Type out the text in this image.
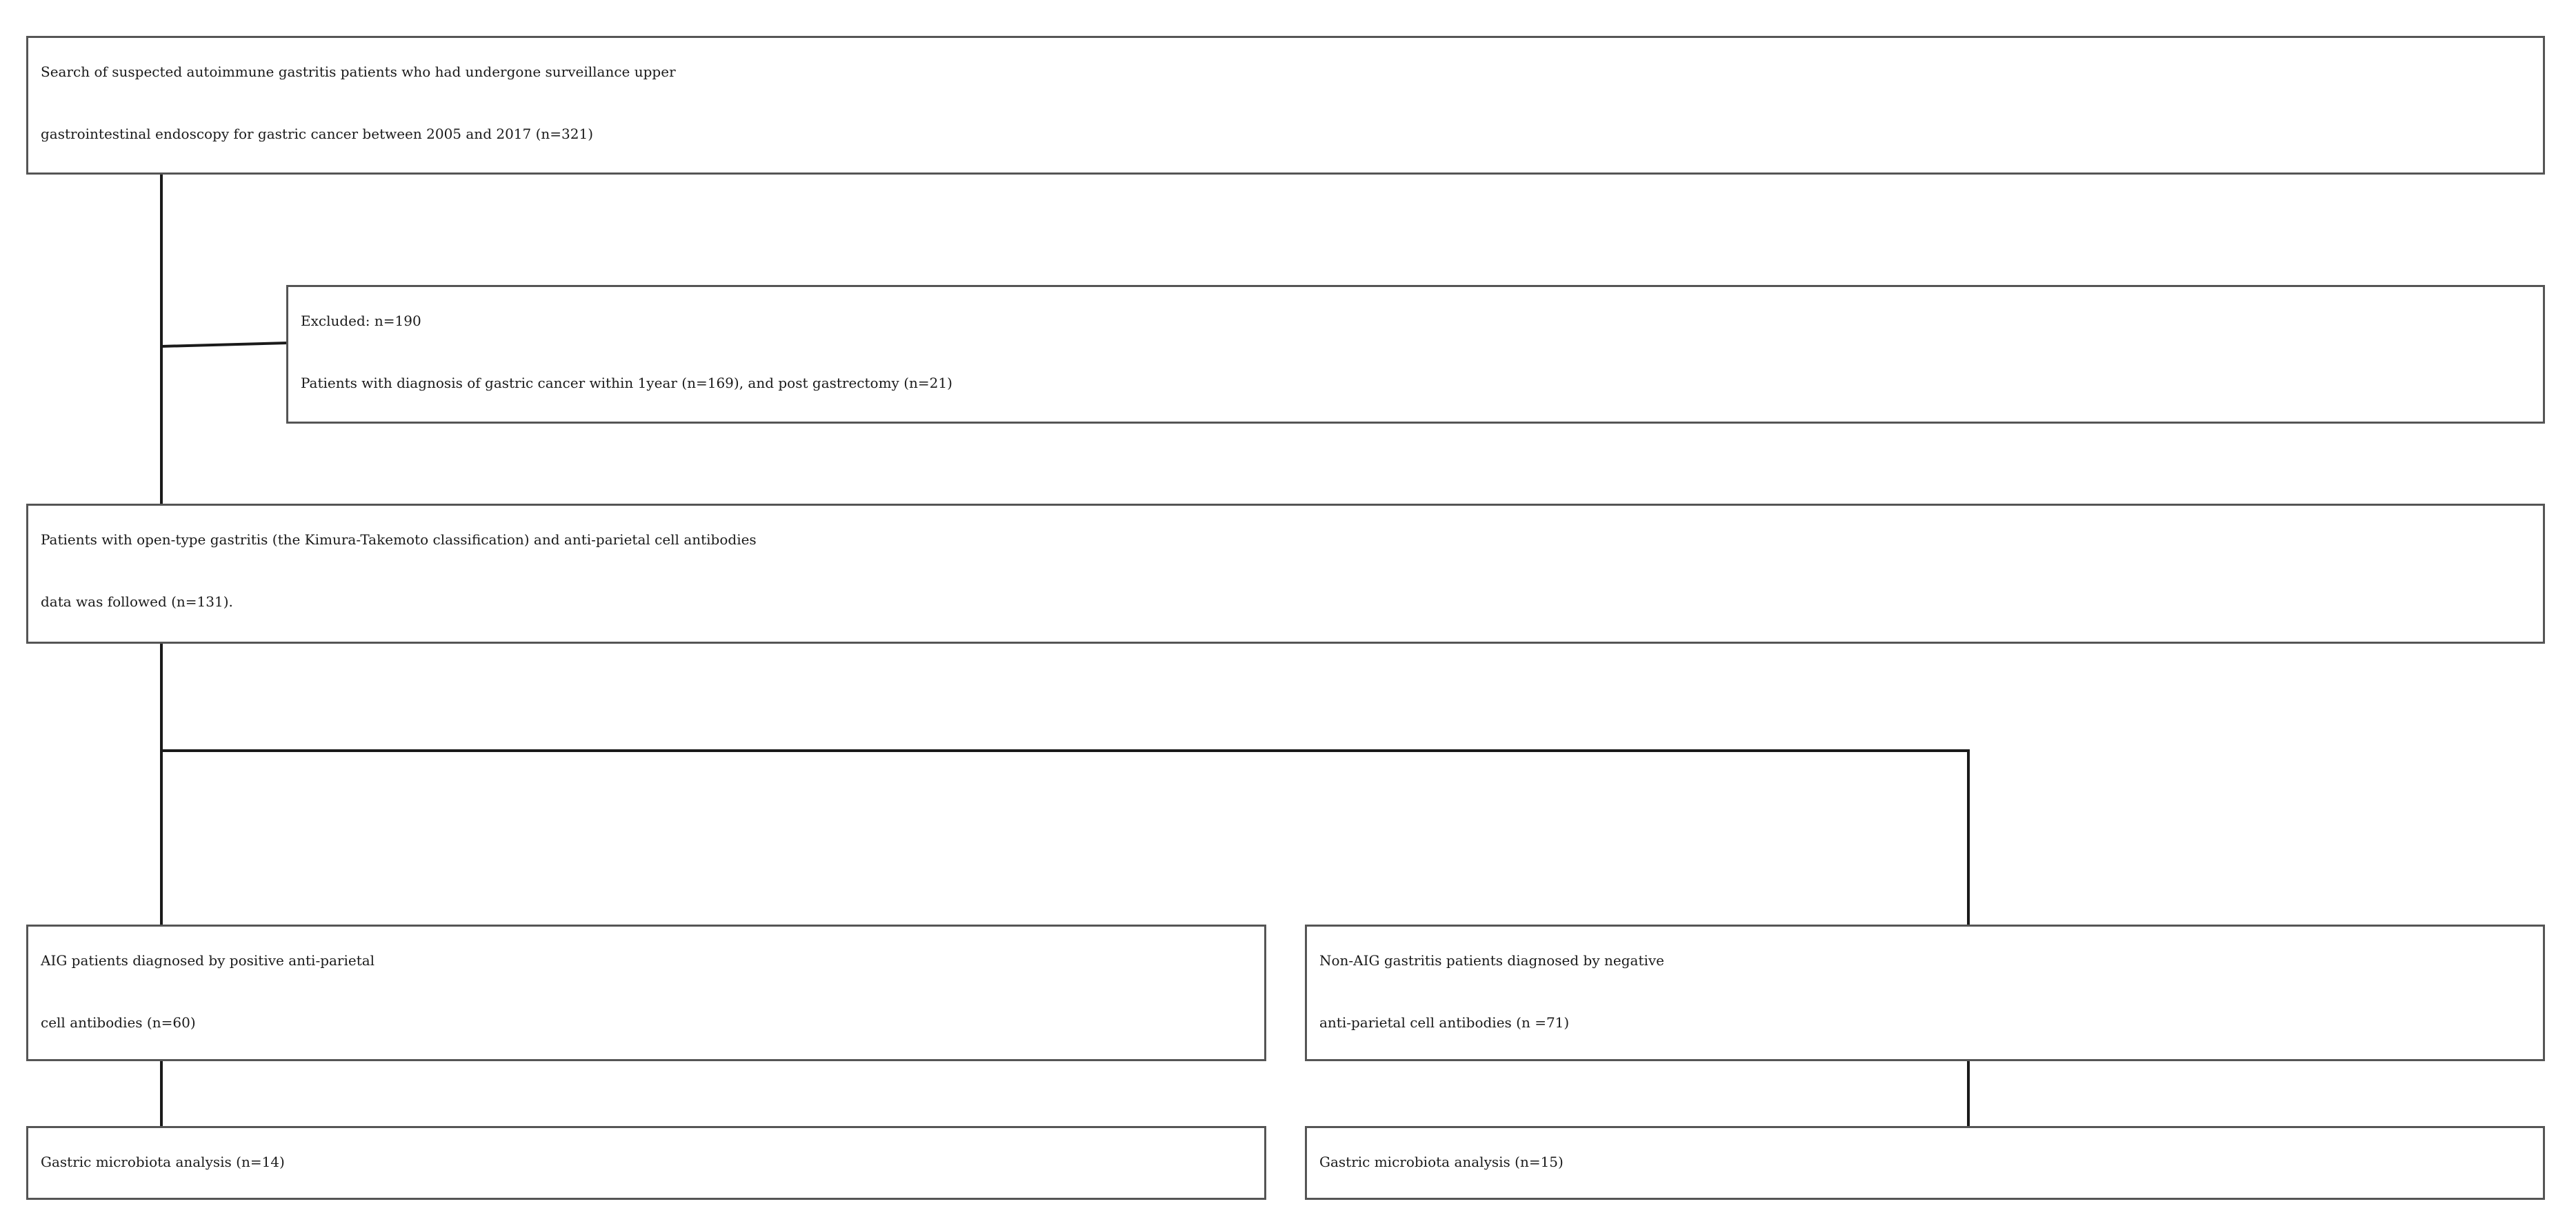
Search of suspected autoimmune gastritis patients who had undergone surveillance upper
gastrointestinal endoscopy for gastric cancer between 2005 and 2017 (n=321)
Excluded: n=190
Patients with diagnosis of gastric cancer within 1year (n=169), and post gastrectomy (n=21)
Patients with open-type gastritis (the Kimura-Takemoto classification) and anti-parietal cell antibodies
data was followed (n=131).
AIG patients diagnosed by positive anti-parietal
cell antibodies (n=60)
Non-AIG gastritis patients diagnosed by negative
anti-parietal cell antibodies (n =71)
Gastric microbiota analysis (n=14)	Gastric microbiota analysis (n=15)
